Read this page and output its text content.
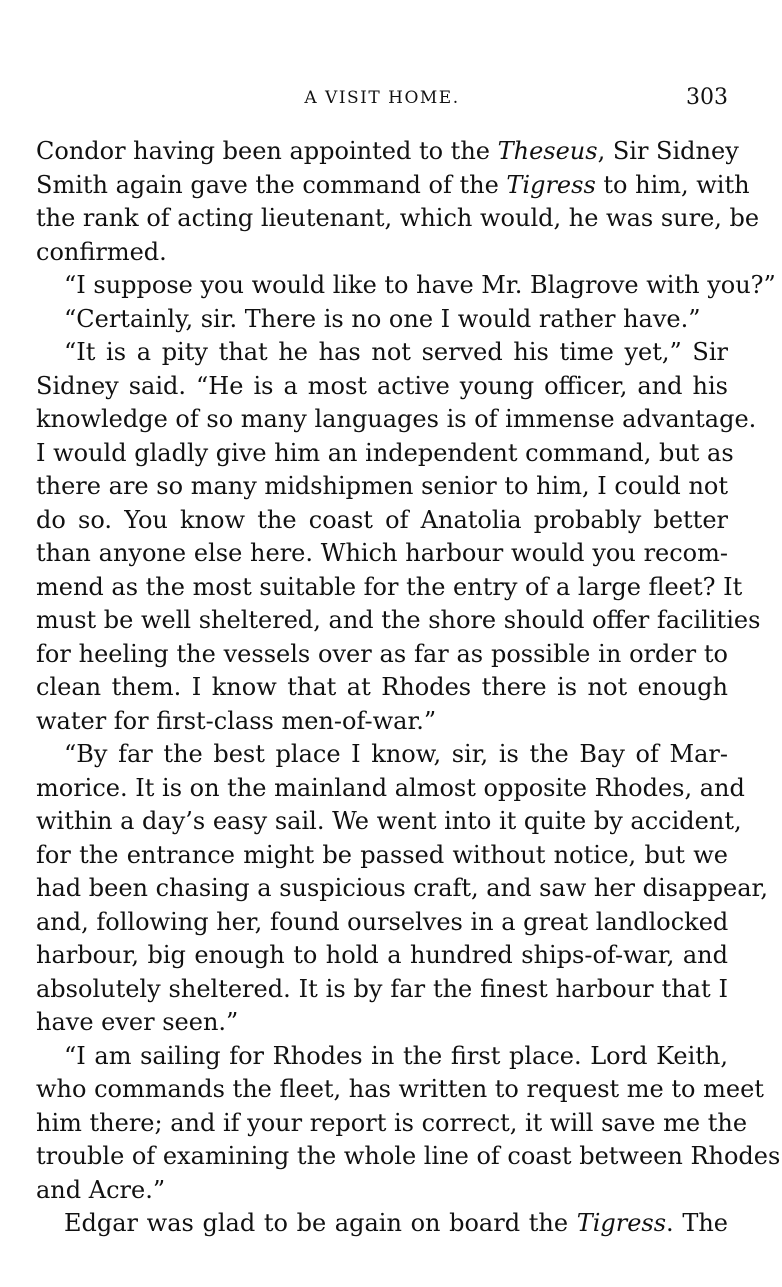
A VISIT HOME.	303
Condor having been appointed to the Theseus, Sir Sidney
Smith again gave the command of the Tigress to him, with
the rank of acting lieutenant, which would, he was sure, be
confirmed.
“I suppose you would like to have Mr. Blagrove with you?”
“Certainly, sir. There is no one I would rather have.”
“It is a pity that he has not served his time yet,” Sir
Sidney said. “He is a most active young officer, and his
knowledge of so many languages is of immense advantage.
I would gladly give him an independent command, but as
there are so many midshipmen senior to him, I could not
do so. You know the coast of Anatolia probably better
than anyone else here. Which harbour would you recom-
mend as the most suitable for the entry of a large fleet? It
must be well sheltered, and the shore should offer facilities
for heeling the vessels over as far as possible in order to
clean them. I know that at Rhodes there is not enough
water for first-class men-of-war.”
“By far the best place I know, sir, is the Bay of Mar-
morice. It is on the mainland almost opposite Rhodes, and
within a day’s easy sail. We went into it quite by accident,
for the entrance might be passed without notice, but we
had been chasing a suspicious craft, and saw her disappear,
and, following her, found ourselves in a great landlocked
harbour, big enough to hold a hundred ships-of-war, and
absolutely sheltered. It is by far the finest harbour that I
have ever seen.”
“I am sailing for Rhodes in the first place. Lord Keith,
who commands the fleet, has written to request me to meet
him there; and if your report is correct, it will save me the
trouble of examining the whole line of coast between Rhodes
and Acre.”
Edgar was glad to be again on board the Tigress. The
